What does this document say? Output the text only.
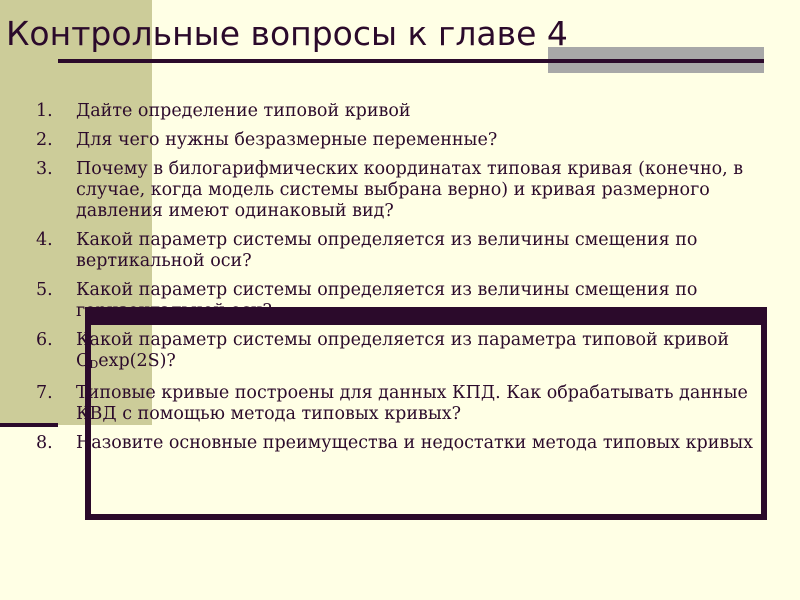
Контрольные вопросы к главе 4
1.	Дайте определение типовой кривой
2.	Для чего нужны безразмерные переменные?
3.	Почему в билогарифмических координатах типовая кривая (конечно, в случае, когда модель системы выбрана верно) и кривая размерного давления имеют одинаковый вид?
4.	Какой параметр системы определяется из величины смещения по вертикальной оси?
5.	Какой параметр системы определяется из величины смещения по горизонтальной оси?
6.	Какой параметр системы определяется из параметра типовой кривой $C_D\exp(2S)$?
7.	Типовые кривые построены для данных КПД. Как обрабатывать данные КВД с помощью метода типовых кривых?
8.	Назовите основные преимущества и недостатки метода типовых кривых
